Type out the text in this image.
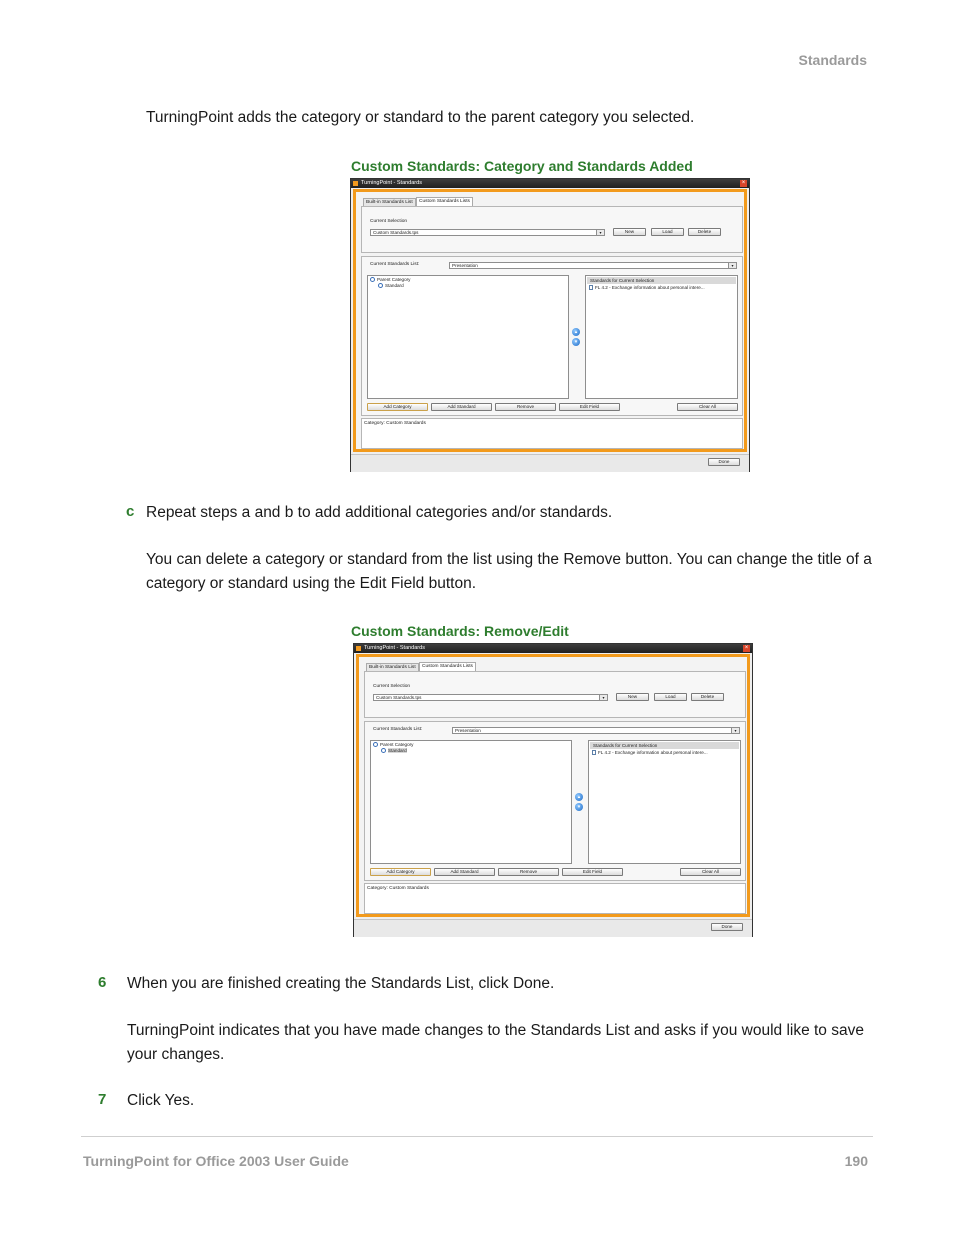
Standards
TurningPoint adds the category or standard to the parent category you selected.
Custom Standards: Category and Standards Added
TurningPoint - Standards	×
Built-in Standards List	Custom Standards Lists
Current Selection
Custom Standards.tps	▾	New	Load	Delete
Current Standards List:	Presentation	▾
Parent Category
Standard
▴
▾
Standards for Current Selection
FL 4.2 - Exchange information about personal intere...
Add Category	Add Standard	Remove	Edit Field	Clear All
Category: Custom Standards
Done
c Repeat steps a and b to add additional categories and/or standards.
You can delete a category or standard from the list using the Remove button. You can change the title of a category or standard using the Edit Field button.
Custom Standards: Remove/Edit
TurningPoint - Standards	×
Built-in Standards List	Custom Standards Lists
Current Selection
Custom Standards.tps	▾	New	Load	Delete
Current Standards List:	Presentation	▾
Parent Category
Standard
▴
▾
Standards for Current Selection
FL 4.2 - Exchange information about personal intere...
Add Category	Add Standard	Remove	Edit Field	Clear All
Category: Custom Standards
Done
6 When you are finished creating the Standards List, click Done.
TurningPoint indicates that you have made changes to the Standards List and asks if you would like to save your changes.
7 Click Yes.
TurningPoint for Office 2003 User Guide	190
